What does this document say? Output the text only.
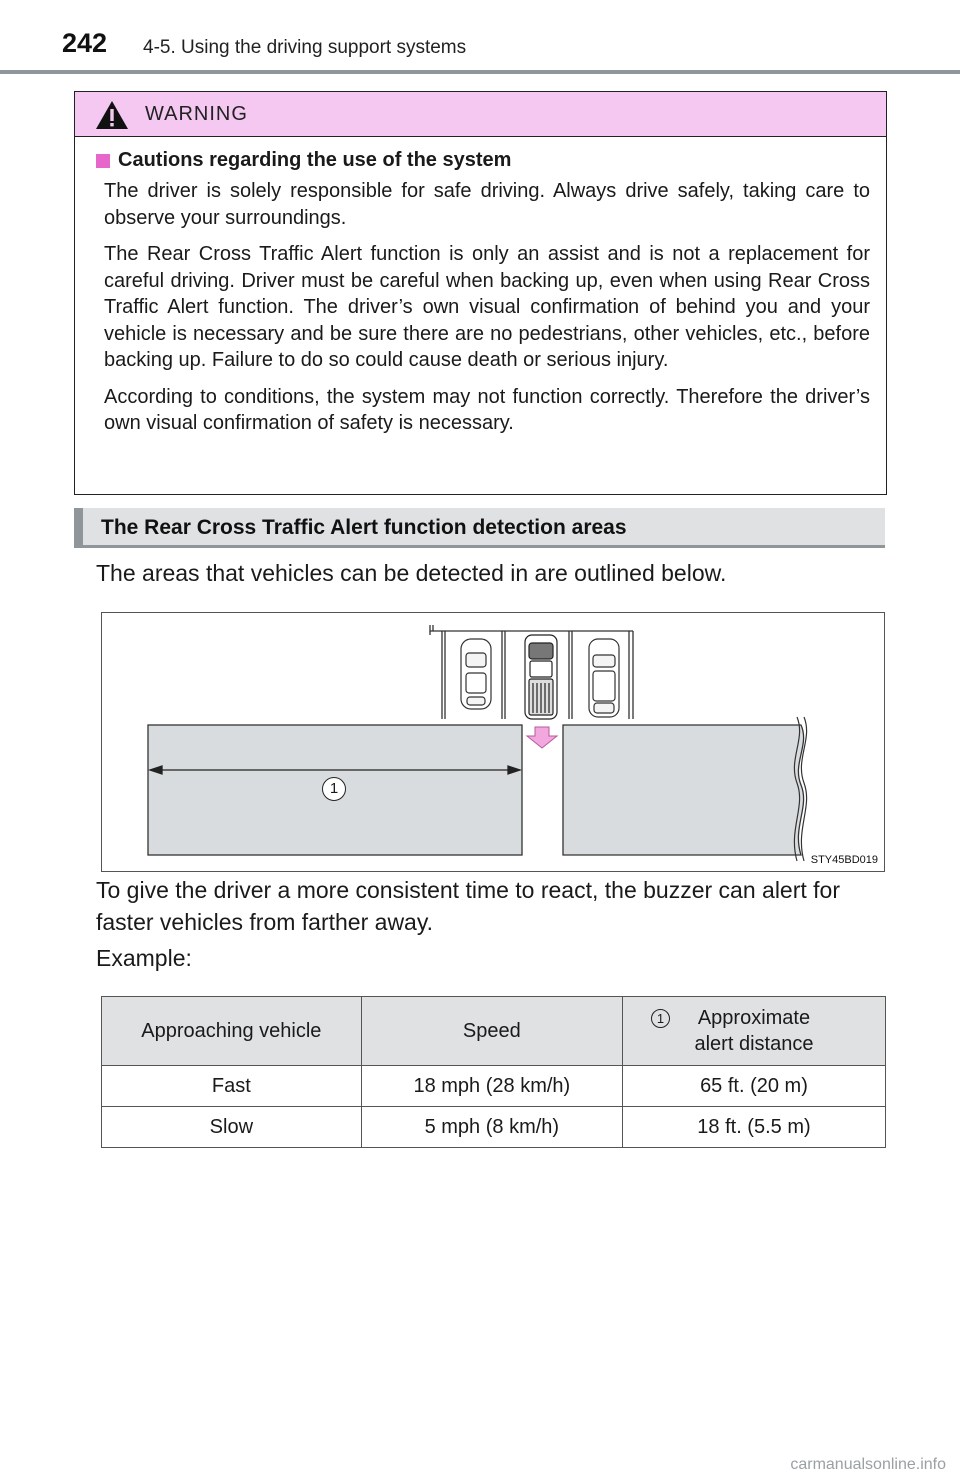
242 4-5. Using the driving support systems
WARNING
Cautions regarding the use of the system

The driver is solely responsible for safe driving. Always drive safely, taking care to observe your surroundings.

The Rear Cross Traffic Alert function is only an assist and is not a replacement for careful driving. Driver must be careful when backing up, even when using Rear Cross Traffic Alert function. The driver’s own visual confirmation of behind you and your vehicle is necessary and be sure there are no pedestrians, other vehicles, etc., before backing up. Failure to do so could cause death or serious injury.

According to conditions, the system may not function correctly. Therefore the driver’s own visual confirmation of safety is necessary.

The Rear Cross Traffic Alert function detection areas
The areas that vehicles can be detected in are outlined below.
1
STY45BD019
To give the driver a more consistent time to react, the buzzer can alert for faster vehicles from farther away.
Example:
Approaching vehicle	Speed	1 Approximate alert distance
Fast	18 mph (28 km/h)	65 ft. (20 m)
Slow	5 mph (8 km/h)	18 ft. (5.5 m)
carmanualsonline.info
